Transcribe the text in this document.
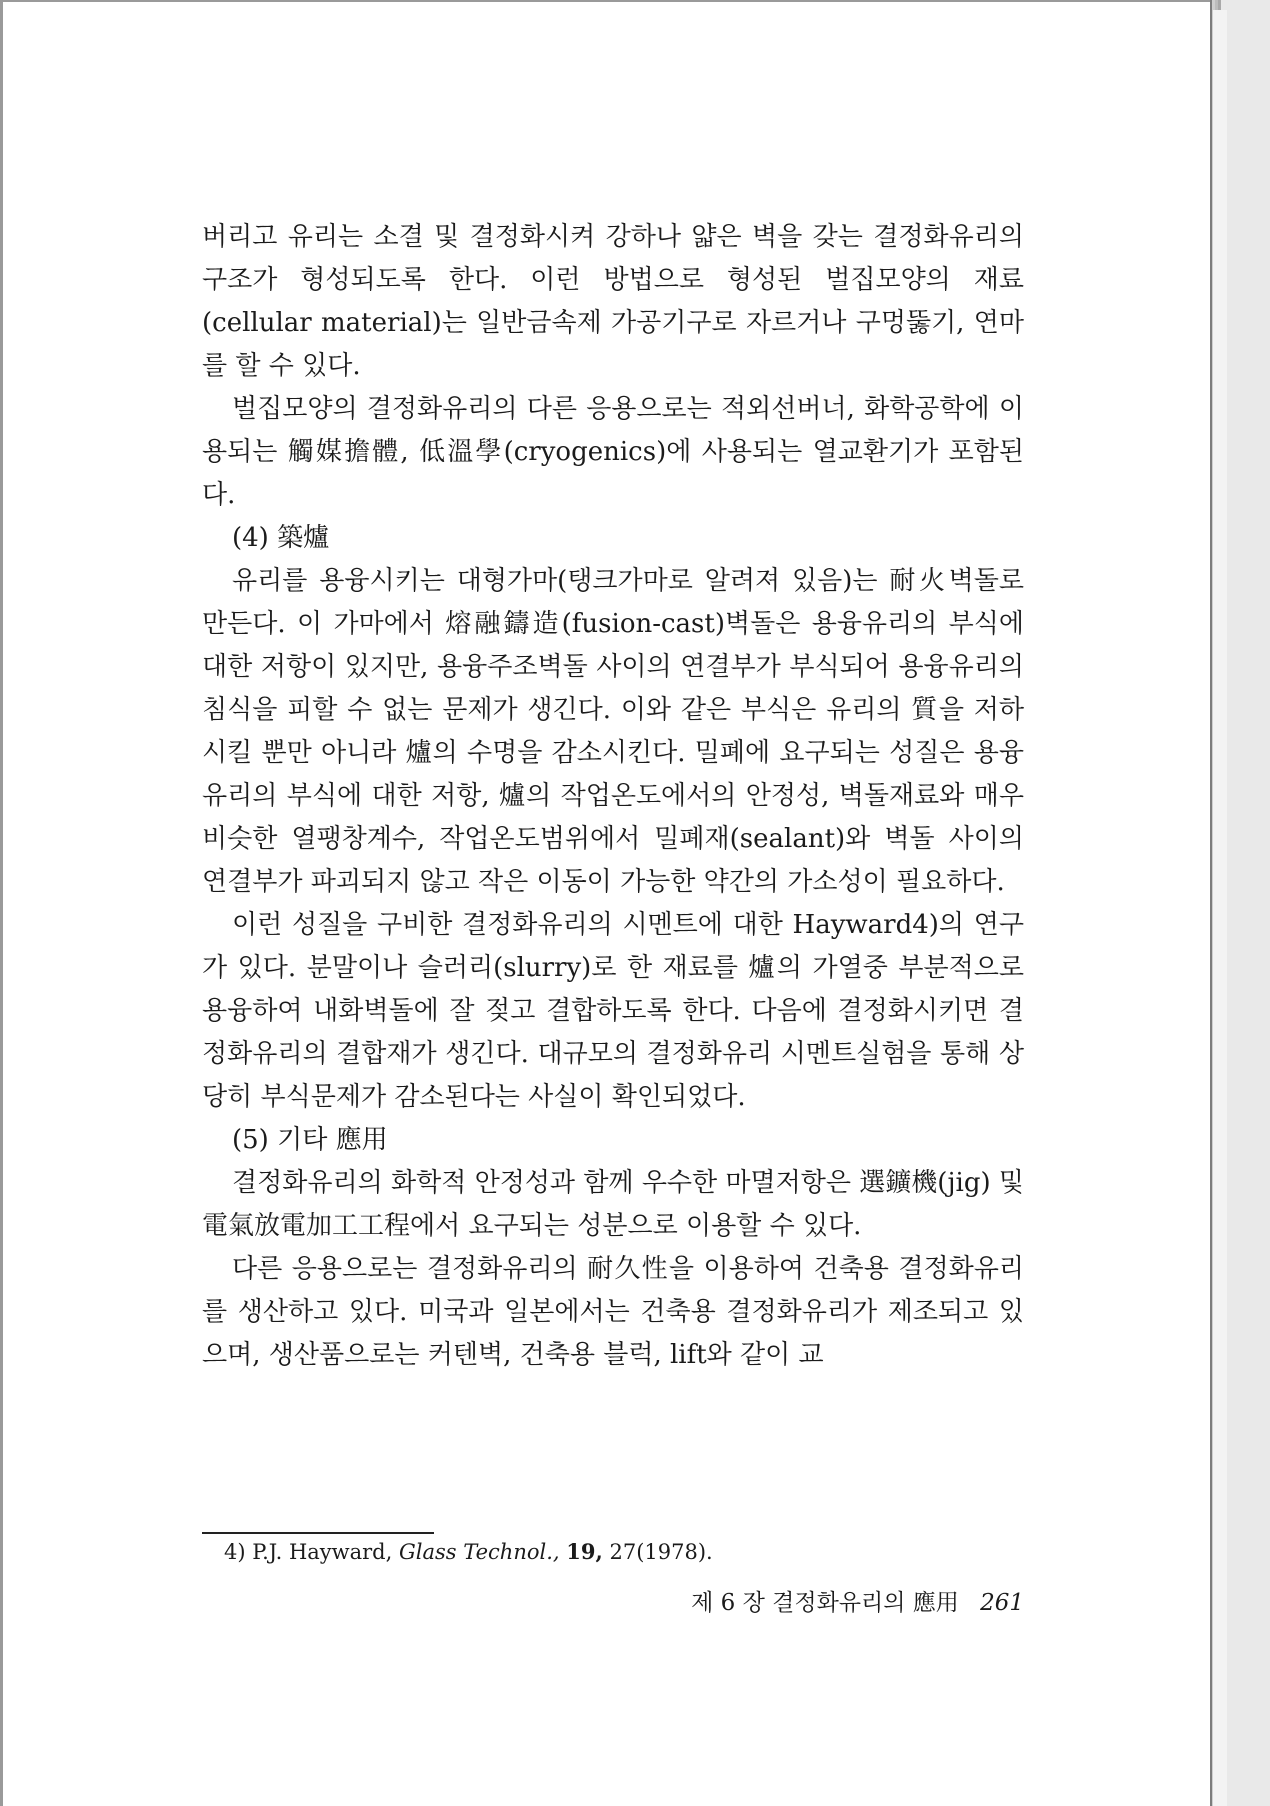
버리고 유리는 소결 및 결정화시켜 강하나 얇은 벽을 갖는 결정화유리의 구조가 형성되도록 한다. 이런 방법으로 형성된 벌집모양의 재료(cellular material)는 일반금속제 가공기구로 자르거나 구멍뚫기, 연마를 할 수 있다.

벌집모양의 결정화유리의 다른 응용으로는 적외선버너, 화학공학에 이용되는 觸媒擔體, 低溫學(cryogenics)에 사용되는 열교환기가 포함된다.

(4) 築爐

유리를 용융시키는 대형가마(탱크가마로 알려져 있음)는 耐火벽돌로 만든다. 이 가마에서 熔融鑄造(fusion-cast)벽돌은 용융유리의 부식에 대한 저항이 있지만, 용융주조벽돌 사이의 연결부가 부식되어 용융유리의 침식을 피할 수 없는 문제가 생긴다. 이와 같은 부식은 유리의 質을 저하시킬 뿐만 아니라 爐의 수명을 감소시킨다. 밀폐에 요구되는 성질은 용융유리의 부식에 대한 저항, 爐의 작업온도에서의 안정성, 벽돌재료와 매우 비슷한 열팽창계수, 작업온도범위에서 밀폐재(sealant)와 벽돌 사이의 연결부가 파괴되지 않고 작은 이동이 가능한 약간의 가소성이 필요하다.

이런 성질을 구비한 결정화유리의 시멘트에 대한 Hayward4)의 연구가 있다. 분말이나 슬러리(slurry)로 한 재료를 爐의 가열중 부분적으로 용융하여 내화벽돌에 잘 젖고 결합하도록 한다. 다음에 결정화시키면 결정화유리의 결합재가 생긴다. 대규모의 결정화유리 시멘트실험을 통해 상당히 부식문제가 감소된다는 사실이 확인되었다.

(5) 기타 應用

결정화유리의 화학적 안정성과 함께 우수한 마멸저항은 選鑛機(jig) 및 電氣放電加工工程에서 요구되는 성분으로 이용할 수 있다.

다른 응용으로는 결정화유리의 耐久性을 이용하여 건축용 결정화유리를 생산하고 있다. 미국과 일본에서는 건축용 결정화유리가 제조되고 있으며, 생산품으로는 커텐벽, 건축용 블럭, lift와 같이 교

4) P.J. Hayward, Glass Technol., 19, 27(1978).
제 6 장 결정화유리의 應用 261
